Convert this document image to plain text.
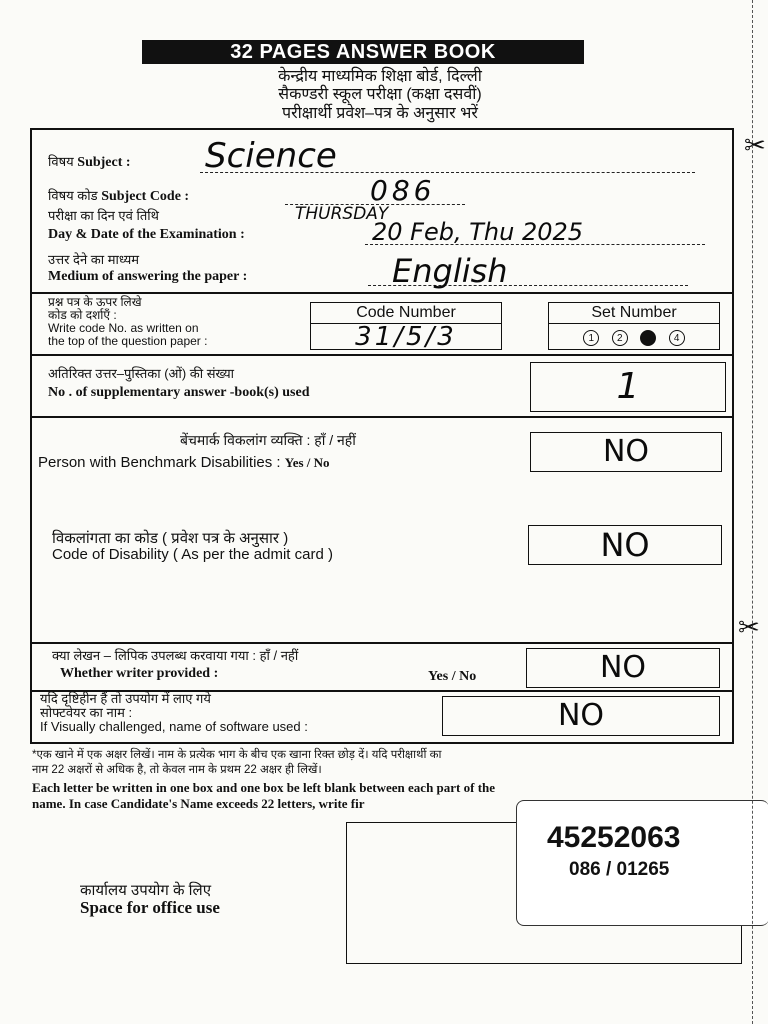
32 PAGES ANSWER BOOK
केन्द्रीय माध्यमिक शिक्षा बोर्ड, दिल्ली
सैकण्डरी स्कूल परीक्षा (कक्षा दसवीं)
परीक्षार्थी प्रवेश–पत्र के अनुसार भरें
विषय Subject : Science
विषय कोड Subject Code :	086
परीक्षा का दिन एवं तिथि
Day & Date of the Examination :
THURSDAY
20 Feb, Thu 2025
उत्तर देने का माध्यम
Medium of answering the paper :	English
प्रश्न पत्र के ऊपर लिखे
कोड को दर्शाएँ :
Write code No. as written on
the top of the question paper :
Code Number
31/5/3
Set Number
1 2 3 4
अतिरिक्त उत्तर–पुस्तिका (ओं) की संख्या
No . of supplementary answer -book(s) used	1
बेंचमार्क विकलांग व्यक्ति : हाँ / नहीं
Person with Benchmark Disabilities : Yes / No	NO
विकलांगता का कोड ( प्रवेश पत्र के अनुसार )
Code of Disability ( As per the admit card )	NO
क्या लेखन – लिपिक उपलब्ध करवाया गया : हाँ / नहीं
Whether writer provided :	Yes / No	NO
यदि दृष्टिहीन हैं तो उपयोग में लाए गये
सोफ्टवेयर का नाम :
If Visually challenged, name of software used :	NO
*एक खाने में एक अक्षर लिखें। नाम के प्रत्येक भाग के बीच एक खाना रिक्त छोड़ दें। यदि परीक्षार्थी का
नाम 22 अक्षरों से अधिक है, तो केवल नाम के प्रथम 22 अक्षर ही लिखें।
Each letter be written in one box and one box be left blank between each part of the
name. In case Candidate's Name exceeds 22 letters, write fir
कार्यालय उपयोग के लिए
Space for office use
45252063
086 / 01265
✂
✂
